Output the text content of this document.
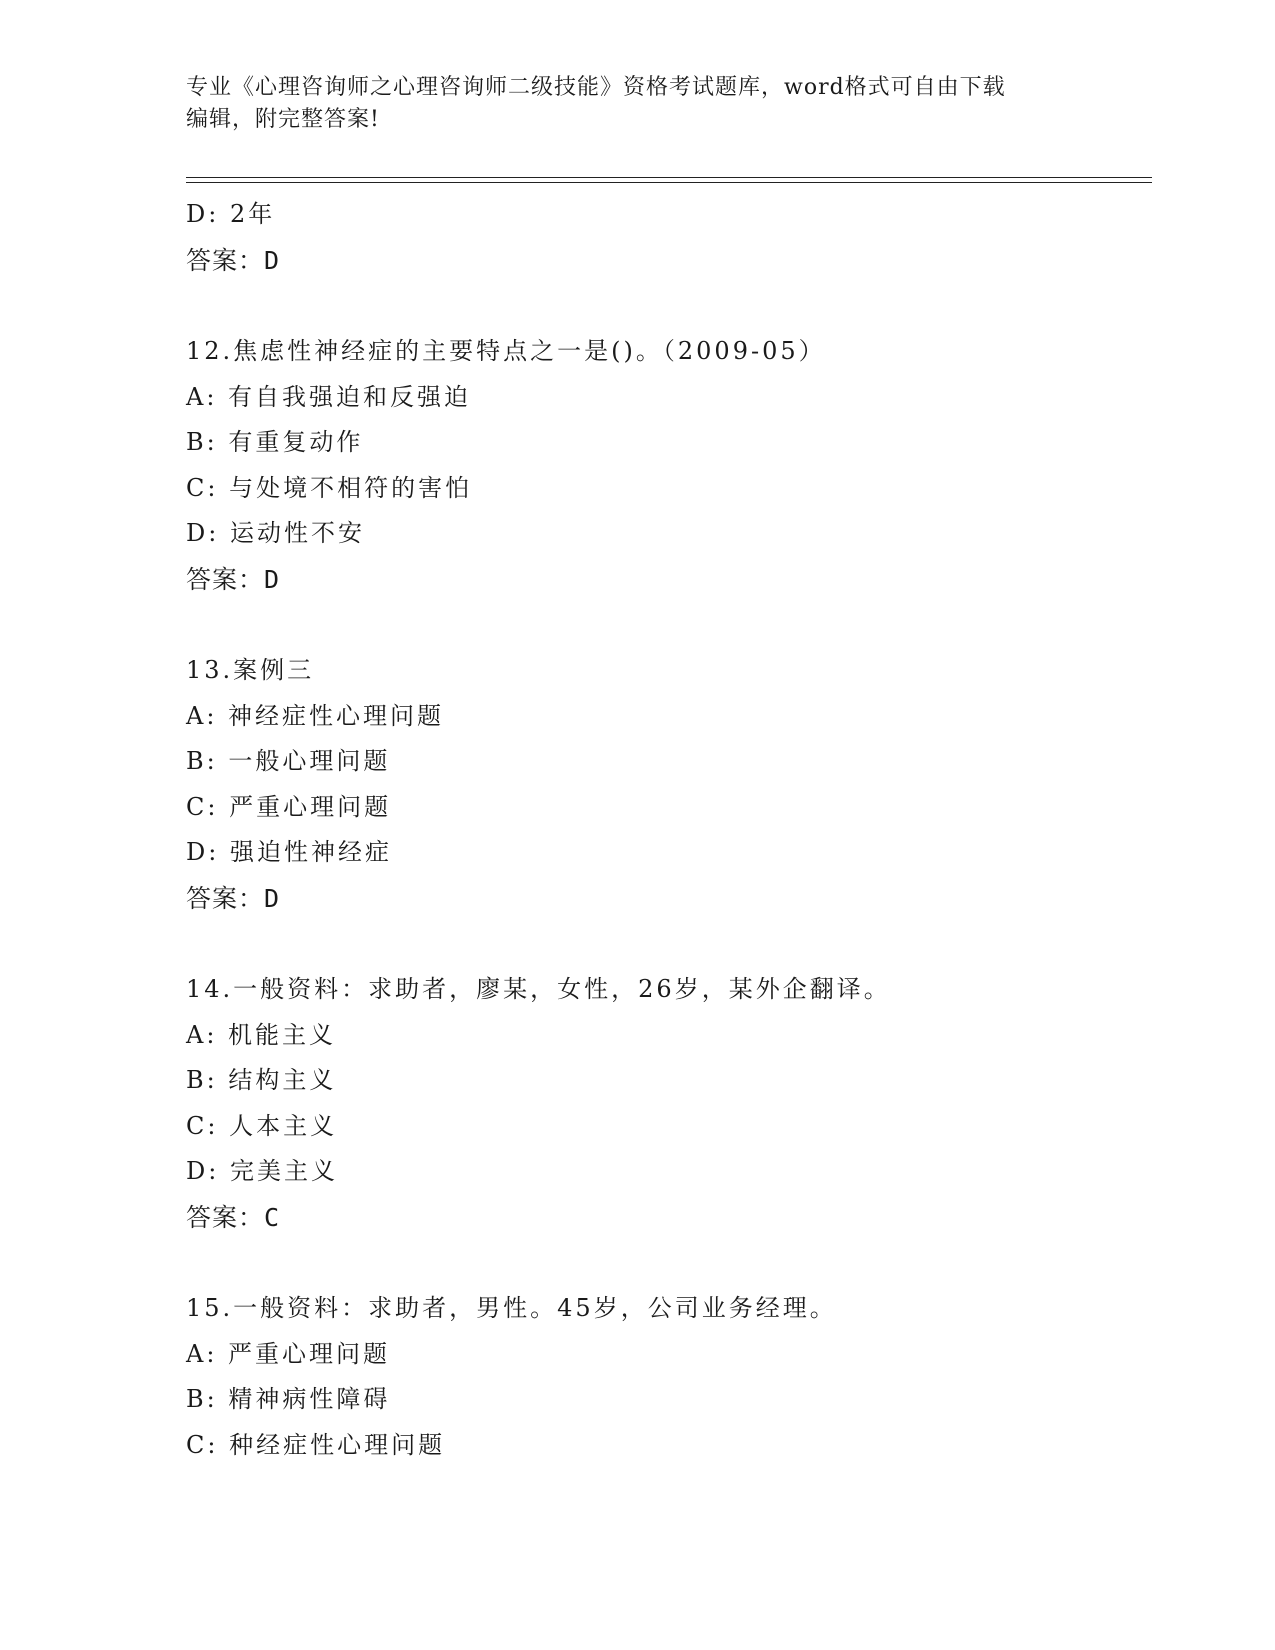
专业《心理咨询师之心理咨询师二级技能》资格考试题库，word格式可自由下载
编辑，附完整答案!
D: 2年
答案：D
12.焦虑性神经症的主要特点之一是()。（2009-05）
A: 有自我强迫和反强迫
B: 有重复动作
C: 与处境不相符的害怕
D: 运动性不安
答案：D
13.案例三
A: 神经症性心理问题
B: 一般心理问题
C: 严重心理问题
D: 强迫性神经症
答案：D
14.一般资料：求助者，廖某，女性，26岁，某外企翻译。
A: 机能主义
B: 结构主义
C: 人本主义
D: 完美主义
答案：C
15.一般资料：求助者，男性。45岁，公司业务经理。
A: 严重心理问题
B: 精神病性障碍
C: 种经症性心理问题
